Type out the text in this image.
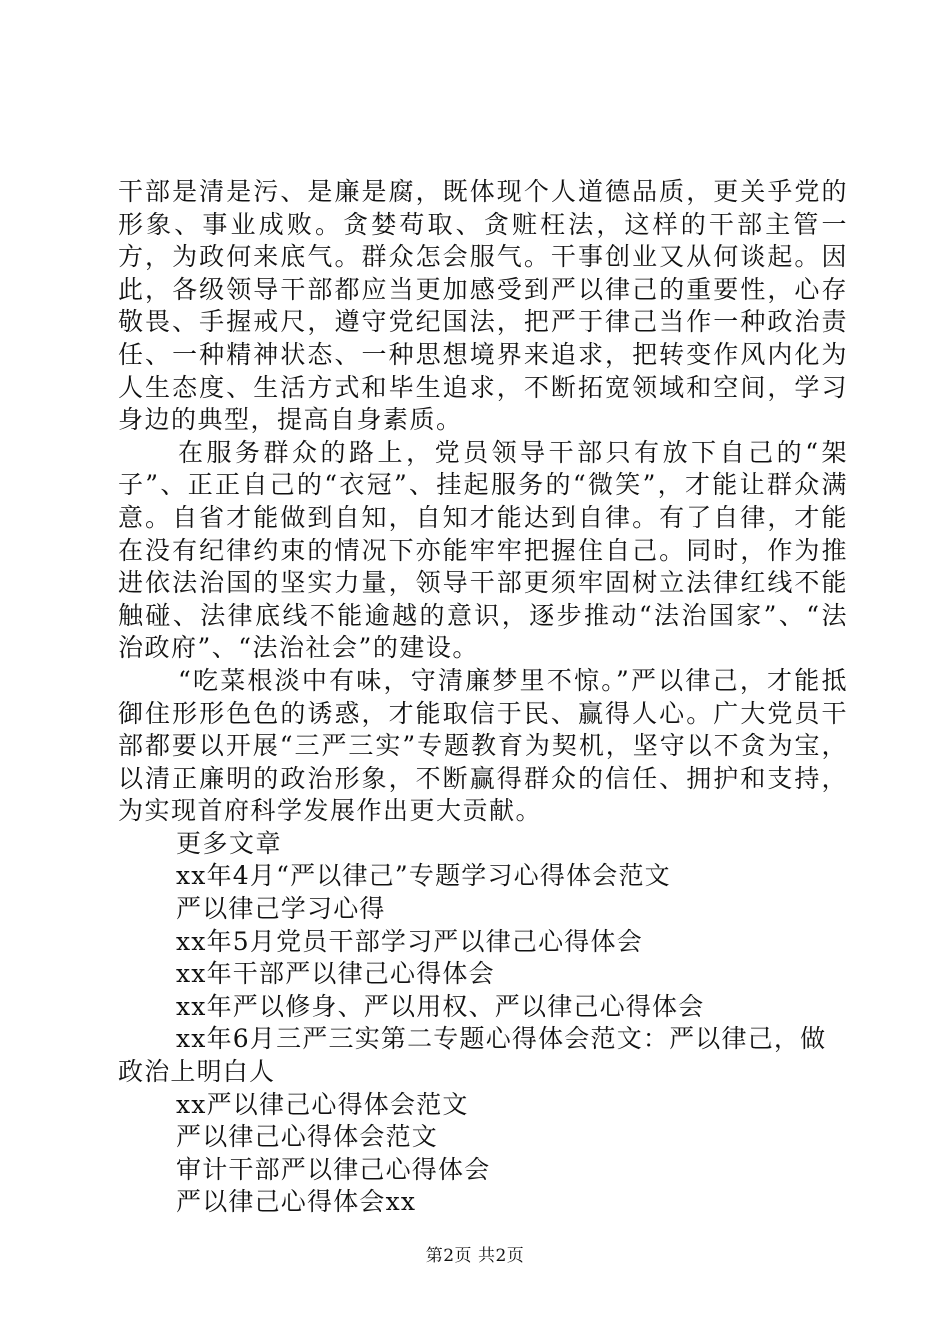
干部是清是污、是廉是腐，既体现个人道德品质，更关乎党的形象、事业成败。贪婪苟取、贪赃枉法，这样的干部主管一方，为政何来底气。群众怎会服气。干事创业又从何谈起。因此，各级领导干部都应当更加感受到严以律己的重要性，心存敬畏、手握戒尺，遵守党纪国法，把严于律己当作一种政治责任、一种精神状态、一种思想境界来追求，把转变作风内化为人生态度、生活方式和毕生追求，不断拓宽领域和空间，学习身边的典型，提高自身素质。

在服务群众的路上，党员领导干部只有放下自己的“架子”、正正自己的“衣冠”、挂起服务的“微笑”，才能让群众满意。自省才能做到自知，自知才能达到自律。有了自律，才能在没有纪律约束的情况下亦能牢牢把握住自己。同时，作为推进依法治国的坚实力量，领导干部更须牢固树立法律红线不能触碰、法律底线不能逾越的意识，逐步推动“法治国家”、“法治政府”、“法治社会”的建设。

“吃菜根淡中有味，守清廉梦里不惊。”严以律己，才能抵御住形形色色的诱惑，才能取信于民、赢得人心。广大党员干部都要以开展“三严三实”专题教育为契机，坚守以不贪为宝，以清正廉明的政治形象，不断赢得群众的信任、拥护和支持，为实现首府科学发展作出更大贡献。

更多文章

xx年4月“严以律己”专题学习心得体会范文
严以律己学习心得
xx年5月党员干部学习严以律己心得体会
xx年干部严以律己心得体会
xx年严以修身、严以用权、严以律己心得体会
xx年6月三严三实第二专题心得体会范文：严以律己，做政治上明白人
xx严以律己心得体会范文
严以律己心得体会范文
审计干部严以律己心得体会
严以律己心得体会xx
第2页 共2页
